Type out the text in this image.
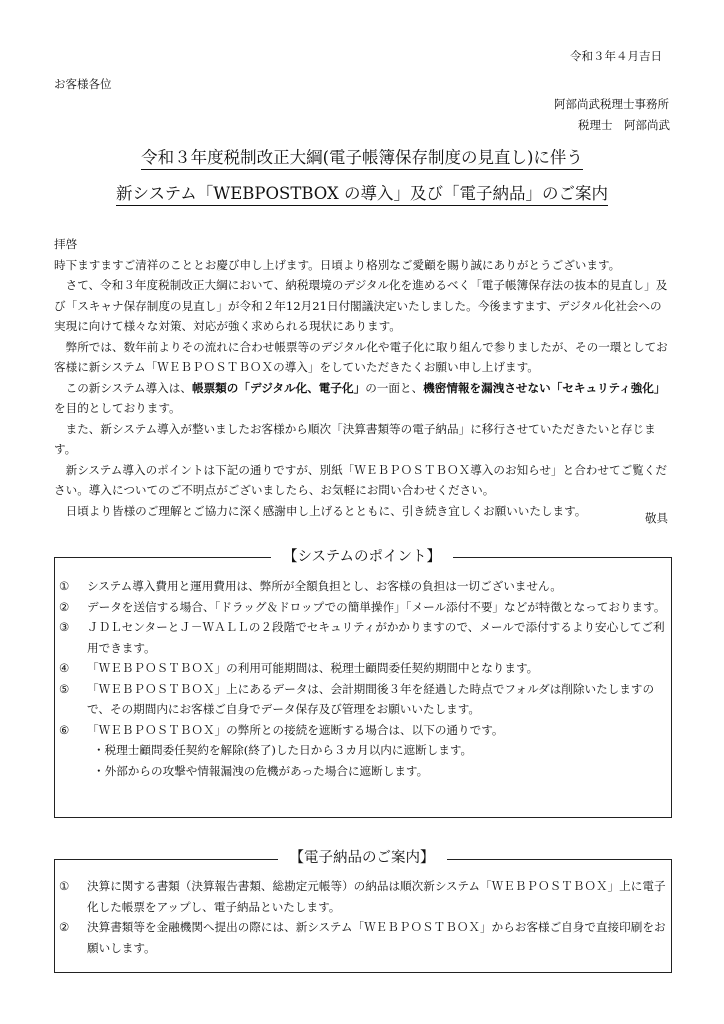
令和３年４月吉日
お客様各位
阿部尚武税理士事務所
税理士　阿部尚武
令和３年度税制改正大綱(電子帳簿保存制度の見直し)に伴う
新システム「WEBPOSTBOX の導入」及び「電子納品」のご案内

拝啓

時下ますますご清祥のこととお慶び申し上げます。日頃より格別なご愛顧を賜り誠にありがとうございます。

さて、令和３年度税制改正大綱において、納税環境のデジタル化を進めるべく「電子帳簿保存法の抜本的見直し」及び「スキャナ保存制度の見直し」が令和２年12月21日付閣議決定いたしました。今後ますます、デジタル化社会への実現に向けて様々な対策、対応が強く求められる現状にあります。

弊所では、数年前よりその流れに合わせ帳票等のデジタル化や電子化に取り組んで参りましたが、その一環としてお客様に新システム「ＷＥＢＰＯＳＴＢＯＸの導入」をしていただきたくお願い申し上げます。

この新システム導入は、帳票類の「デジタル化、電子化」の一面と、機密情報を漏洩させない「セキュリティ強化」を目的としております。

また、新システム導入が整いましたお客様から順次「決算書類等の電子納品」に移行させていただきたいと存じます。

新システム導入のポイントは下記の通りですが、別紙「ＷＥＢＰＯＳＴＢＯＸ導入のお知らせ」と合わせてご覧ください。導入についてのご不明点がございましたら、お気軽にお問い合わせください。

日頃より皆様のご理解とご協力に深く感謝申し上げるとともに、引き続き宜しくお願いいたします。

敬具
① システム導入費用と運用費用は、弊所が全額負担とし、お客様の負担は一切ございません。
② データを送信する場合、「ドラッグ＆ドロップでの簡単操作」「メール添付不要」などが特徴となっております。
③ ＪＤＬセンターとＪ－ＷＡＬＬの２段階でセキュリティがかかりますので、メールで添付するより安心してご利用できます。
④ 「ＷＥＢＰＯＳＴＢＯＸ」の利用可能期間は、税理士顧問委任契約期間中となります。
⑤ 「ＷＥＢＰＯＳＴＢＯＸ」上にあるデータは、会計期間後３年を経過した時点でフォルダは削除いたしますので、その期間内にお客様ご自身でデータ保存及び管理をお願いいたします。
⑥ 「ＷＥＢＰＯＳＴＢＯＸ」の弊所との接続を遮断する場合は、以下の通りです。
・税理士顧問委任契約を解除(終了)した日から３カ月以内に遮断します。
・外部からの攻撃や情報漏洩の危機があった場合に遮断します。
【システムのポイント】
① 決算に関する書類（決算報告書類、総勘定元帳等）の納品は順次新システム「ＷＥＢＰＯＳＴＢＯＸ」上に電子化した帳票をアップし、電子納品といたします。
② 決算書類等を金融機関へ提出の際には、新システム「ＷＥＢＰＯＳＴＢＯＸ」からお客様ご自身で直接印刷をお願いします。
【電子納品のご案内】
